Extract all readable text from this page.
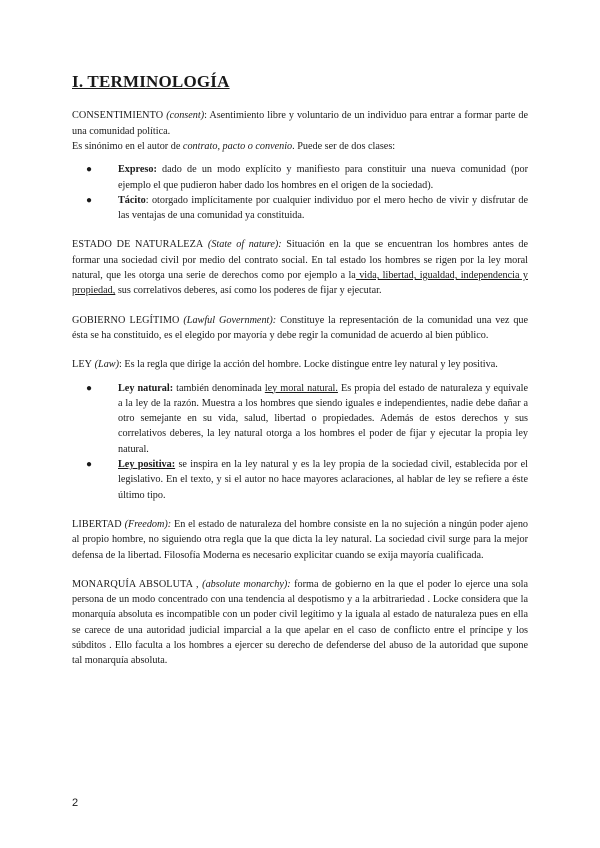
I. TERMINOLOGÍA

CONSENTIMIENTO (consent): Asentimiento libre y voluntario de un individuo para entrar a formar parte de una comunidad política.
Es sinónimo en el autor de contrato, pacto o convenio. Puede ser de dos clases:

●	Expreso: dado de un modo explícito y manifiesto para constituir una nueva comunidad (por ejemplo el que pudieron haber dado los hombres en el origen de la sociedad).
●	Tácito: otorgado implícitamente por cualquier individuo por el mero hecho de vivir y disfrutar de las ventajas de una comunidad ya constituida.

ESTADO DE NATURALEZA (State of nature): Situación en la que se encuentran los hombres antes de formar una sociedad civil por medio del contrato social. En tal estado los hombres se rigen por la ley moral natural, que les otorga una serie de derechos como por ejemplo a la vida, libertad, igualdad, independencia y propiedad, sus correlativos deberes, así como los poderes de fijar y ejecutar.

GOBIERNO LEGÍTIMO (Lawful Government): Constituye la representación de la comunidad una vez que ésta se ha constituido, es el elegido por mayoría y debe regir la comunidad de acuerdo al bien público.

LEY (Law): Es la regla que dirige la acción del hombre. Locke distingue entre ley natural y ley positiva.

●	Ley natural: también denominada ley moral natural. Es propia del estado de naturaleza y equivale a la ley de la razón. Muestra a los hombres que siendo iguales e independientes, nadie debe dañar a otro semejante en su vida, salud, libertad o propiedades. Además de estos derechos y sus correlativos deberes, la ley natural otorga a los hombres el poder de fijar y ejecutar la propia ley natural.
●	Ley positiva: se inspira en la ley natural y es la ley propia de la sociedad civil, establecida por el legislativo. En el texto, y si el autor no hace mayores aclaraciones, al hablar de ley se refiere a éste último tipo.

LIBERTAD (Freedom): En el estado de naturaleza del hombre consiste en la no sujeción a ningún poder ajeno al propio hombre, no siguiendo otra regla que la que dicta la ley natural. La sociedad civil surge para la mejor defensa de la libertad. Filosofía Moderna es necesario explicitar cuando se exija mayoría cualificada.

MONARQUÍA ABSOLUTA , (absolute monarchy): forma de gobierno en la que el poder lo ejerce una sola persona de un modo concentrado con una tendencia al despotismo y a la arbitrariedad . Locke considera que la monarquía absoluta es incompatible con un poder civil legítimo y la iguala al estado de naturaleza pues en ella se carece de una autoridad judicial imparcial a la que apelar en el caso de conflicto entre el príncipe y los súbditos . Ello faculta a los hombres a ejercer su derecho de defenderse del abuso de la autoridad que supone tal monarquía absoluta.

2
